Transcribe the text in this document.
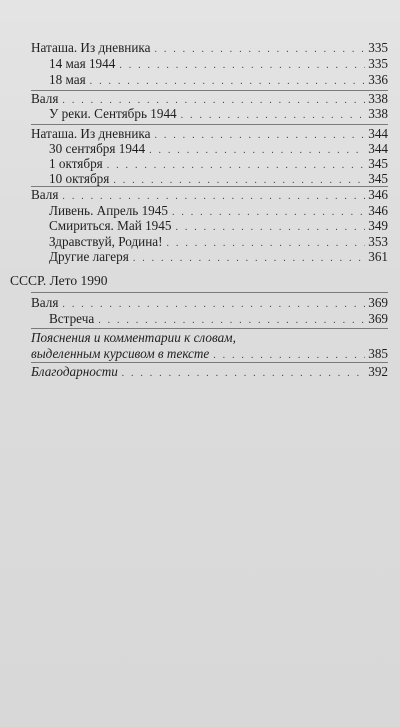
Наташа. Из дневника . . .	335
14 мая 1944 . . .	335
18 мая . . .	336
Валя . . .	338
У реки. Сентябрь 1944 . . .	338
Наташа. Из дневника . . .	344
30 сентября 1944 . . .	344
1 октября . . .	345
10 октября . . .	345
Валя . . .	346
Ливень. Апрель 1945 . . .	346
Смириться. Май 1945 . . .	349
Здравствуй, Родина! . . .	353
Другие лагеря . . .	361
СССР. Лето 1990
Валя . . .	369
Встреча . . .	369
Пояснения и комментарии к словам,
выделенным курсивом в тексте . . .	385
Благодарности . . .	392
